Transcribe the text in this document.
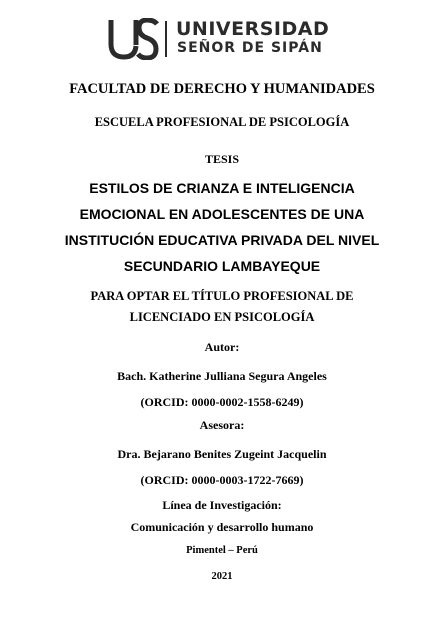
UNIVERSIDAD
SEÑOR DE SIPÁN
FACULTAD DE DERECHO Y HUMANIDADES
ESCUELA PROFESIONAL DE PSICOLOGÍA
TESIS
ESTILOS DE CRIANZA E INTELIGENCIA
EMOCIONAL EN ADOLESCENTES DE UNA
INSTITUCIÓN EDUCATIVA PRIVADA DEL NIVEL
SECUNDARIO LAMBAYEQUE
PARA OPTAR EL TÍTULO PROFESIONAL DE
LICENCIADO EN PSICOLOGÍA
Autor:
Bach. Katherine Julliana Segura Angeles
(ORCID: 0000-0002-1558-6249)
Asesora:
Dra. Bejarano Benites Zugeint Jacquelin
(ORCID: 0000-0003-1722-7669)
Línea de Investigación:
Comunicación y desarrollo humano
Pimentel – Perú
2021
